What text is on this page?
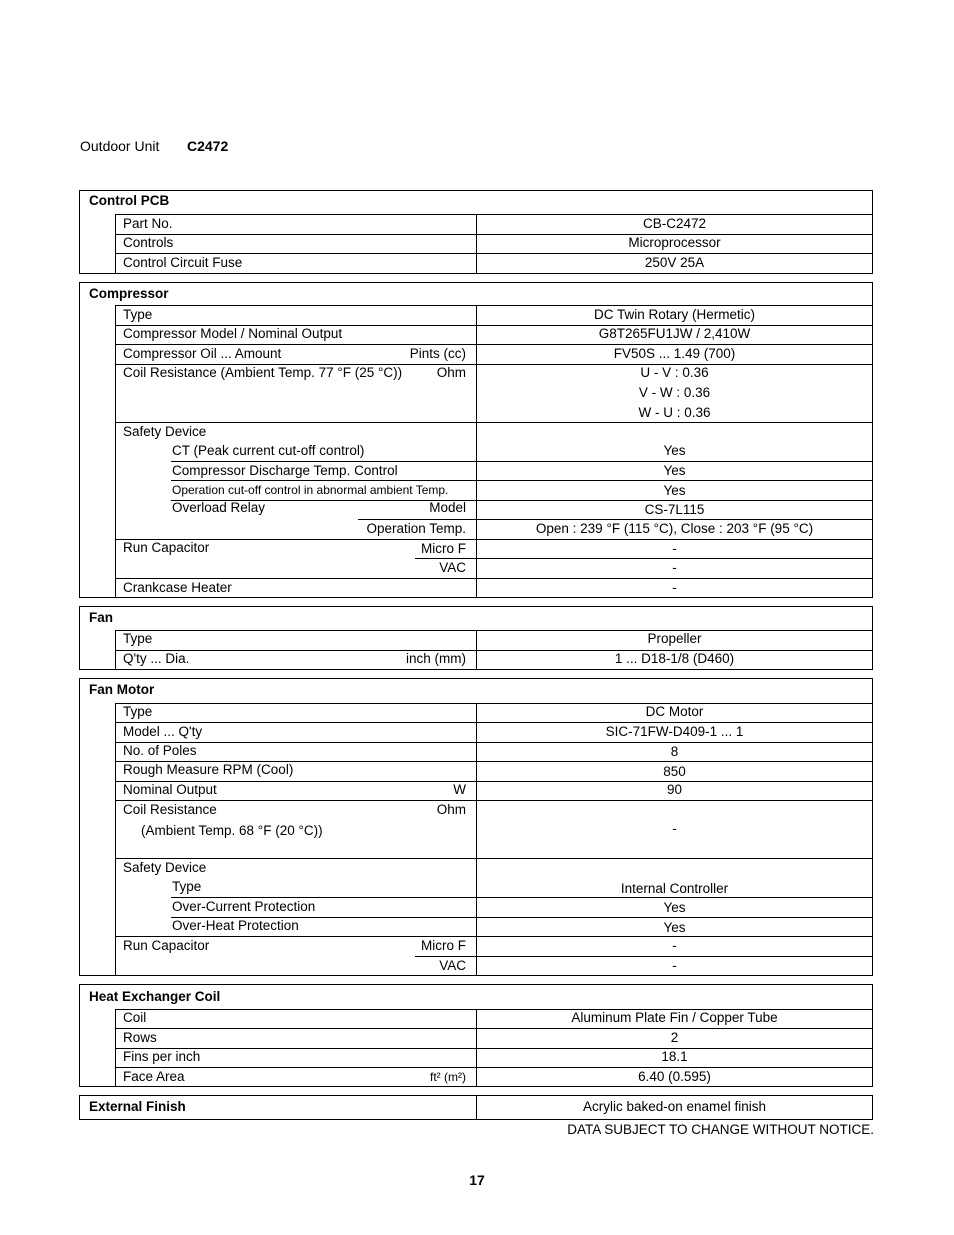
Outdoor Unit C2472
Control PCB
Part No.	CB-C2472
Controls	Microprocessor
Control Circuit Fuse	250V 25A
Compressor
Type	DC Twin Rotary (Hermetic)
Compressor Model / Nominal Output	G8T265FU1JW / 2,410W
Compressor Oil ... Amount	Pints (cc)	FV50S ... 1.49 (700)
Coil Resistance (Ambient Temp. 77 °F (25 °C))	Ohm	U - V : 0.36
V - W : 0.36
W - U : 0.36
Safety Device
CT (Peak current cut-off control)	Yes
Compressor Discharge Temp. Control	Yes
Operation cut-off control in abnormal ambient Temp.	Yes
Overload Relay	Model	CS-7L115
Operation Temp.	Open : 239 °F (115 °C), Close : 203 °F (95 °C)
Run Capacitor	Micro F	-
VAC	-
Crankcase Heater	-
Fan
Type	Propeller
Q'ty ... Dia.	inch (mm)	1 ... D18-1/8 (D460)
Fan Motor
Type	DC Motor
Model ... Q'ty	SIC-71FW-D409-1 ... 1
No. of Poles	8
Rough Measure RPM (Cool)	850
Nominal Output	W	90
Coil Resistance	Ohm
(Ambient Temp. 68 °F (20 °C))	-
Safety Device
Type	Internal Controller
Over-Current Protection	Yes
Over-Heat Protection	Yes
Run Capacitor	Micro F	-
VAC	-
Heat Exchanger Coil
Coil	Aluminum Plate Fin / Copper Tube
Rows	2
Fins per inch	18.1
Face Area	ft² (m²)	6.40 (0.595)
External Finish	Acrylic baked-on enamel finish
DATA SUBJECT TO CHANGE WITHOUT NOTICE.
17
